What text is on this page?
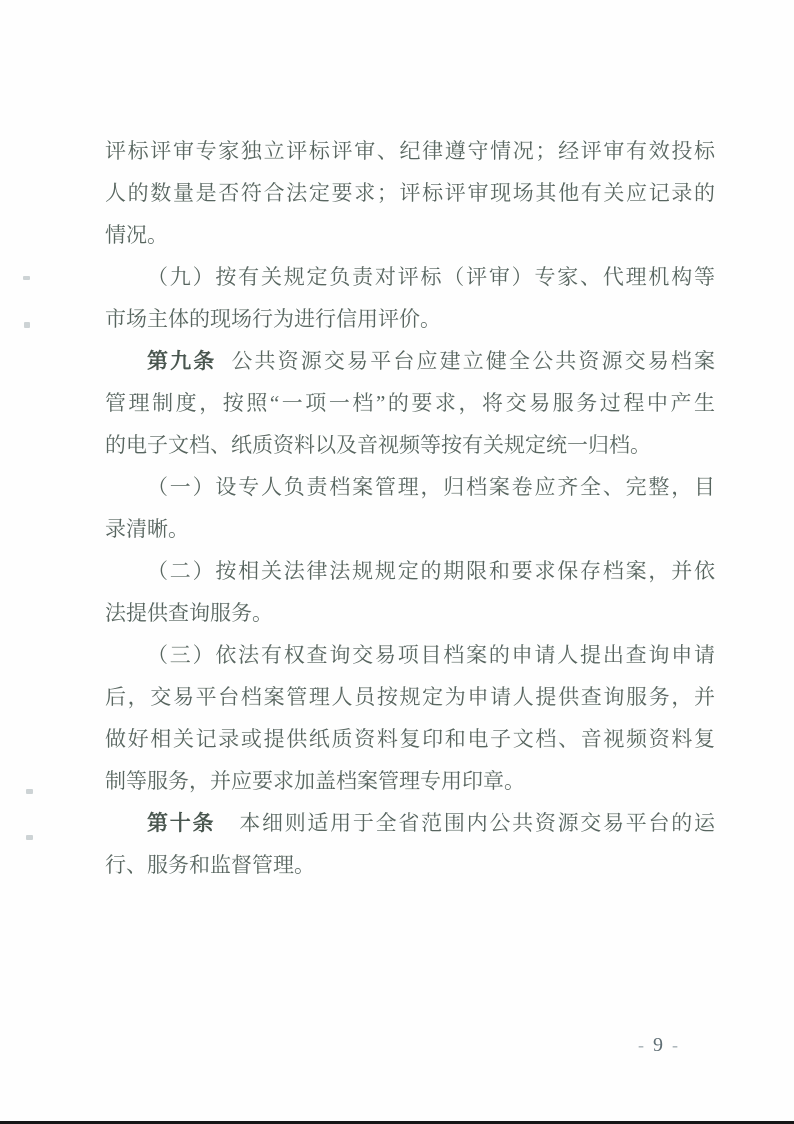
评标评审专家独立评标评审、纪律遵守情况；经评审有效投标
人的数量是否符合法定要求；评标评审现场其他有关应记录的
情况。
（九）按有关规定负责对评标（评审）专家、代理机构等
市场主体的现场行为进行信用评价。
第九条 公共资源交易平台应建立健全公共资源交易档案
管理制度，按照“一项一档”的要求，将交易服务过程中产生
的电子文档、纸质资料以及音视频等按有关规定统一归档。
（一）设专人负责档案管理，归档案卷应齐全、完整，目
录清晰。
（二）按相关法律法规规定的期限和要求保存档案，并依
法提供查询服务。
（三）依法有权查询交易项目档案的申请人提出查询申请
后，交易平台档案管理人员按规定为申请人提供查询服务，并
做好相关记录或提供纸质资料复印和电子文档、音视频资料复
制等服务，并应要求加盖档案管理专用印章。
第十条 本细则适用于全省范围内公共资源交易平台的运
行、服务和监督管理。
- 9 -
